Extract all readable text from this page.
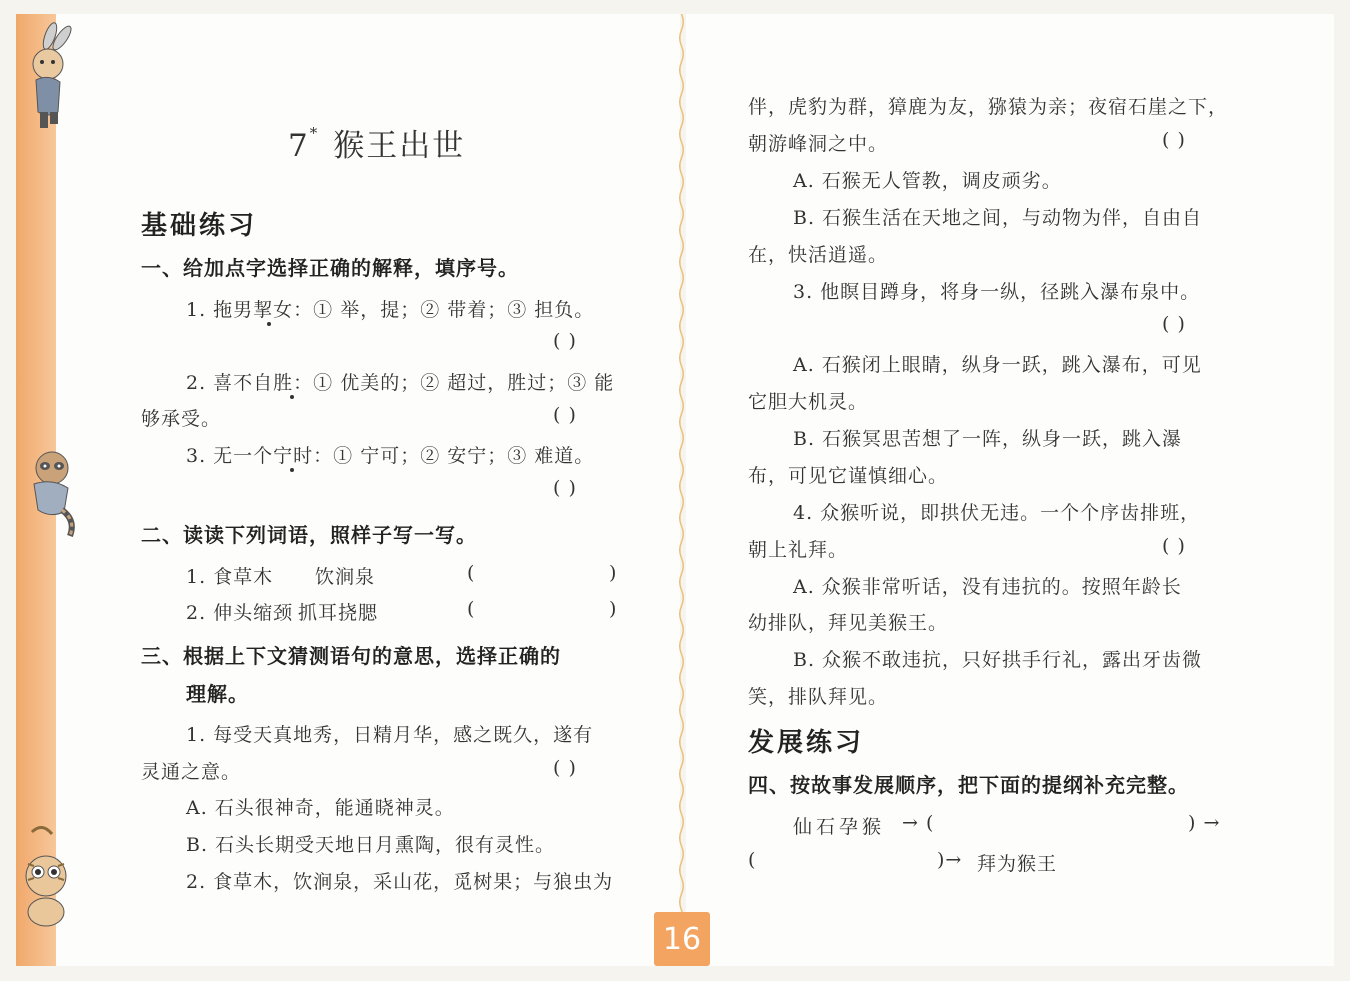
7* 猴王出世
基础练习
一、给加点字选择正确的解释，填序号。
1. 拖男挈女：① 举，提；② 带着；③ 担负。
( )
2. 喜不自胜：① 优美的；② 超过，胜过；③ 能
够承受。	( )
3. 无一个宁时：① 宁可；② 安宁；③ 难道。
( )
二、读读下列词语，照样子写一写。
1. 食草木 饮涧泉	(	)
2. 伸头缩颈 抓耳挠腮	(	)
三、根据上下文猜测语句的意思，选择正确的
理解。
1. 每受天真地秀，日精月华，感之既久，遂有
灵通之意。	( )
A. 石头很神奇，能通晓神灵。
B. 石头长期受天地日月熏陶，很有灵性。
2. 食草木，饮涧泉，采山花，觅树果；与狼虫为
伴，虎豹为群，獐鹿为友，猕猿为亲；夜宿石崖之下，
朝游峰洞之中。	( )
A. 石猴无人管教，调皮顽劣。
B. 石猴生活在天地之间，与动物为伴，自由自
在，快活逍遥。
3. 他瞑目蹲身，将身一纵，径跳入瀑布泉中。
( )
A. 石猴闭上眼睛，纵身一跃，跳入瀑布，可见
它胆大机灵。
B. 石猴冥思苦想了一阵，纵身一跃，跳入瀑
布，可见它谨慎细心。
4. 众猴听说，即拱伏无违。一个个序齿排班，
朝上礼拜。	( )
A. 众猴非常听话，没有违抗的。按照年龄长
幼排队，拜见美猴王。
B. 众猴不敢违抗，只好拱手行礼，露出牙齿微
笑，排队拜见。
发展练习
四、按故事发展顺序，把下面的提纲补充完整。
仙石孕猴 → (	) →
(	)→ 拜为猴王
16
